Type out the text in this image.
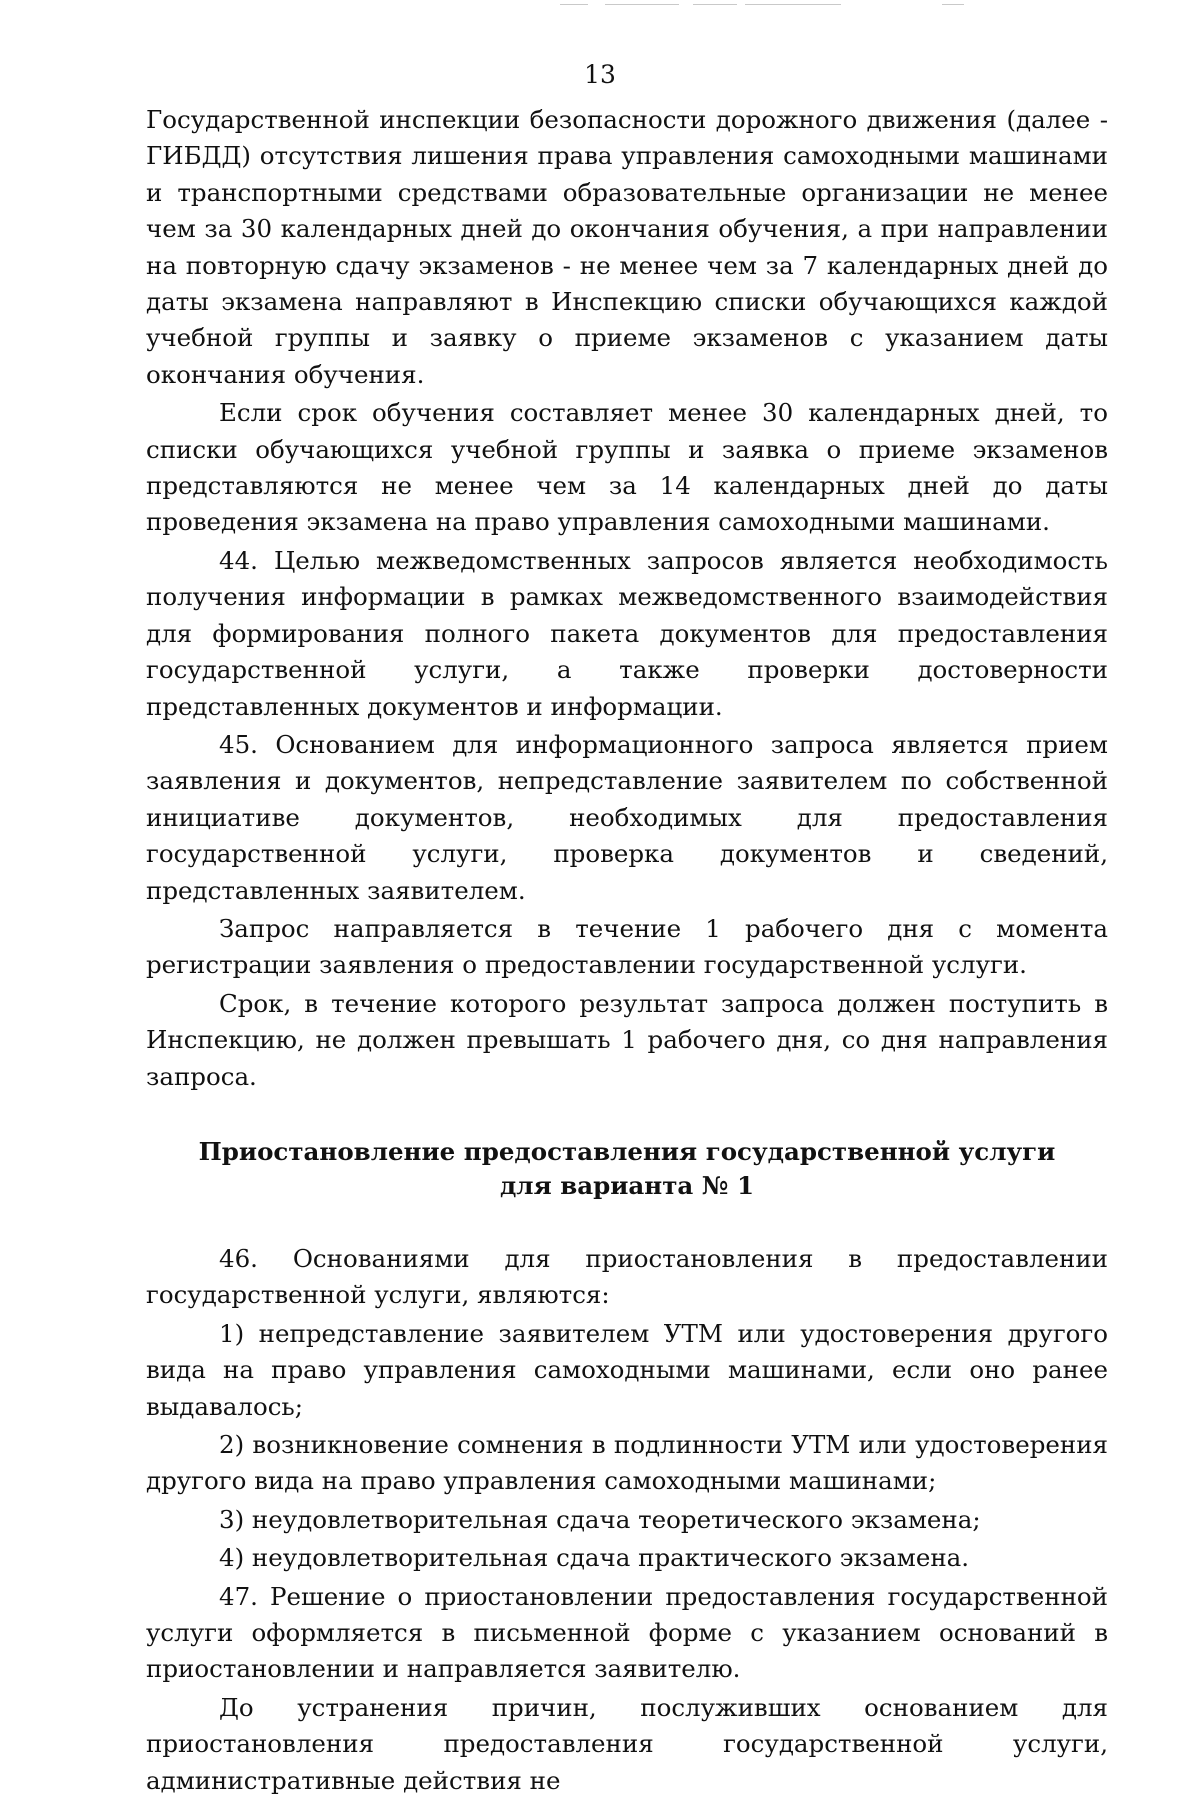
13

Государственной инспекции безопасности дорожного движения (далее - ГИБДД) отсутствия лишения права управления самоходными машинами и транспортными средствами образовательные организации не менее чем за 30 календарных дней до окончания обучения, а при направлении на повторную сдачу экзаменов - не менее чем за 7 календарных дней до даты экзамена направляют в Инспекцию списки обучающихся каждой учебной группы и заявку о приеме экзаменов с указанием даты окончания обучения.

Если срок обучения составляет менее 30 календарных дней, то списки обучающихся учебной группы и заявка о приеме экзаменов представляются не менее чем за 14 календарных дней до даты проведения экзамена на право управления самоходными машинами.

44. Целью межведомственных запросов является необходимость получения информации в рамках межведомственного взаимодействия для формирования полного пакета документов для предоставления государственной услуги, а также проверки достоверности представленных документов и информации.

45. Основанием для информационного запроса является прием заявления и документов, непредставление заявителем по собственной инициативе документов, необходимых для предоставления государственной услуги, проверка документов и сведений, представленных заявителем.

Запрос направляется в течение 1 рабочего дня с момента регистрации заявления о предоставлении государственной услуги.

Срок, в течение которого результат запроса должен поступить в Инспекцию, не должен превышать 1 рабочего дня, со дня направления запроса.

Приостановление предоставления государственной услуги
для варианта № 1

46. Основаниями для приостановления в предоставлении государственной услуги, являются:

1) непредставление заявителем УТМ или удостоверения другого вида на право управления самоходными машинами, если оно ранее выдавалось;

2) возникновение сомнения в подлинности УТМ или удостоверения другого вида на право управления самоходными машинами;

3) неудовлетворительная сдача теоретического экзамена;

4) неудовлетворительная сдача практического экзамена.

47. Решение о приостановлении предоставления государственной услуги оформляется в письменной форме с указанием оснований в приостановлении и направляется заявителю.

До устранения причин, послуживших основанием для приостановления предоставления государственной услуги, административные действия не
